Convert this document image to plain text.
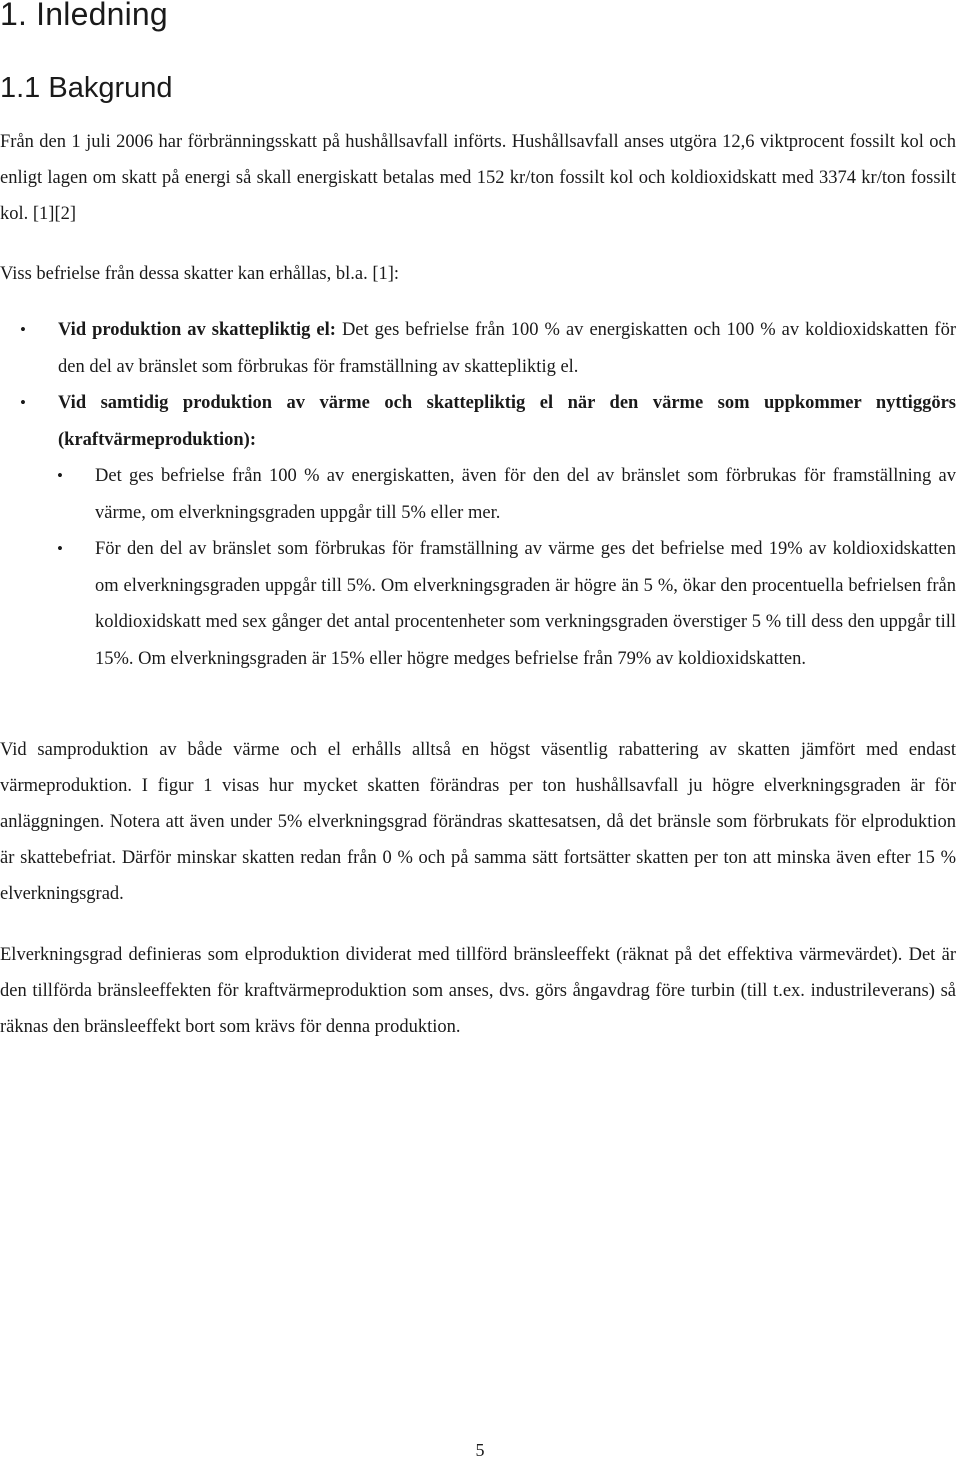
1. Inledning
1.1 Bakgrund

Från den 1 juli 2006 har förbränningsskatt på hushållsavfall införts. Hushållsavfall anses utgöra 12,6 viktprocent fossilt kol och enligt lagen om skatt på energi så skall energiskatt betalas med 152 kr/ton fossilt kol och koldioxidskatt med 3374 kr/ton fossilt kol. [1][2]

Viss befrielse från dessa skatter kan erhållas, bl.a. [1]:

• Vid produktion av skattepliktig el: Det ges befrielse från 100 % av energiskatten och 100 % av koldioxidskatten för den del av bränslet som förbrukas för framställning av skattepliktig el.
• Vid samtidig produktion av värme och skattepliktig el när den värme som uppkommer nyttiggörs (kraftvärmeproduktion):
• Det ges befrielse från 100 % av energiskatten, även för den del av bränslet som förbrukas för framställning av värme, om elverkningsgraden uppgår till 5% eller mer.
• För den del av bränslet som förbrukas för framställning av värme ges det befrielse med 19% av koldioxidskatten om elverkningsgraden uppgår till 5%. Om elverkningsgraden är högre än 5 %, ökar den procentuella befrielsen från koldioxidskatt med sex gånger det antal procentenheter som verkningsgraden överstiger 5 % till dess den uppgår till 15%. Om elverkningsgraden är 15% eller högre medges befrielse från 79% av koldioxidskatten.

Vid samproduktion av både värme och el erhålls alltså en högst väsentlig rabattering av skatten jämfört med endast värmeproduktion. I figur 1 visas hur mycket skatten förändras per ton hushållsavfall ju högre elverkningsgraden är för anläggningen. Notera att även under 5% elverkningsgrad förändras skattesatsen, då det bränsle som förbrukats för elproduktion är skattebefriat. Därför minskar skatten redan från 0 % och på samma sätt fortsätter skatten per ton att minska även efter 15 % elverkningsgrad.

Elverkningsgrad definieras som elproduktion dividerat med tillförd bränsleeffekt (räknat på det effektiva värmevärdet). Det är den tillförda bränsleeffekten för kraftvärmeproduktion som anses, dvs. görs ångavdrag före turbin (till t.ex. industrileverans) så räknas den bränsleeffekt bort som krävs för denna produktion.

5
